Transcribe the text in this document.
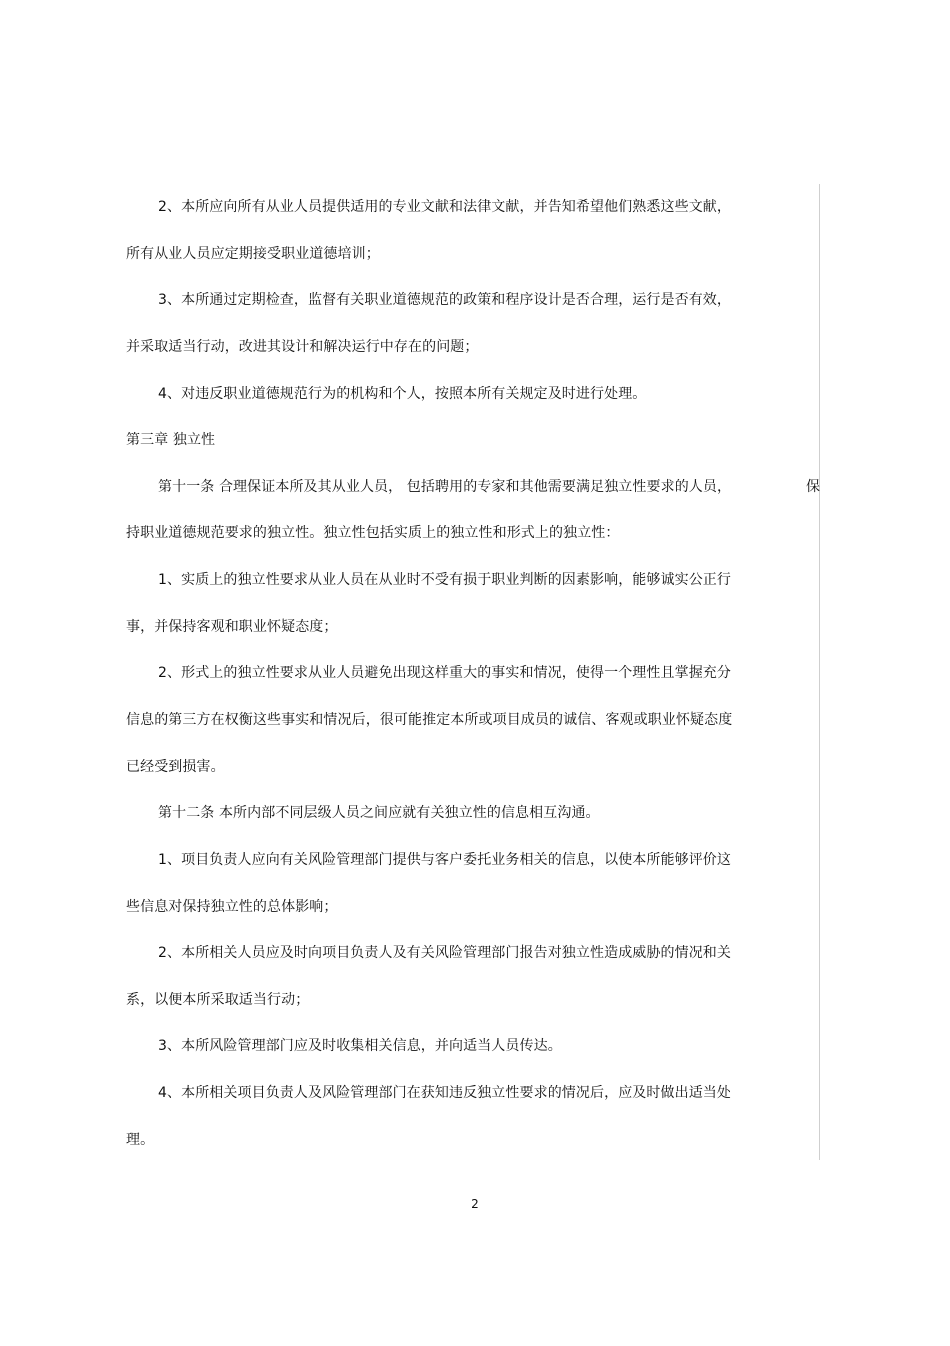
2、本所应向所有从业人员提供适用的专业文献和法律文献，并告知希望他们熟悉这些文献，
所有从业人员应定期接受职业道德培训；
3、本所通过定期检查，监督有关职业道德规范的政策和程序设计是否合理，运行是否有效，
并采取适当行动，改进其设计和解决运行中存在的问题；
4、对违反职业道德规范行为的机构和个人，按照本所有关规定及时进行处理。
第三章 独立性
第十一条 合理保证本所及其从业人员， 包括聘用的专家和其他需要满足独立性要求的人员，	保
持职业道德规范要求的独立性。独立性包括实质上的独立性和形式上的独立性：
1、实质上的独立性要求从业人员在从业时不受有损于职业判断的因素影响，能够诚实公正行
事，并保持客观和职业怀疑态度；
2、形式上的独立性要求从业人员避免出现这样重大的事实和情况，使得一个理性且掌握充分
信息的第三方在权衡这些事实和情况后，很可能推定本所或项目成员的诚信、客观或职业怀疑态度
已经受到损害。
第十二条 本所内部不同层级人员之间应就有关独立性的信息相互沟通。
1、项目负责人应向有关风险管理部门提供与客户委托业务相关的信息，以使本所能够评价这
些信息对保持独立性的总体影响；
2、本所相关人员应及时向项目负责人及有关风险管理部门报告对独立性造成威胁的情况和关
系，以便本所采取适当行动；
3、本所风险管理部门应及时收集相关信息，并向适当人员传达。
4、本所相关项目负责人及风险管理部门在获知违反独立性要求的情况后，应及时做出适当处
理。
2
